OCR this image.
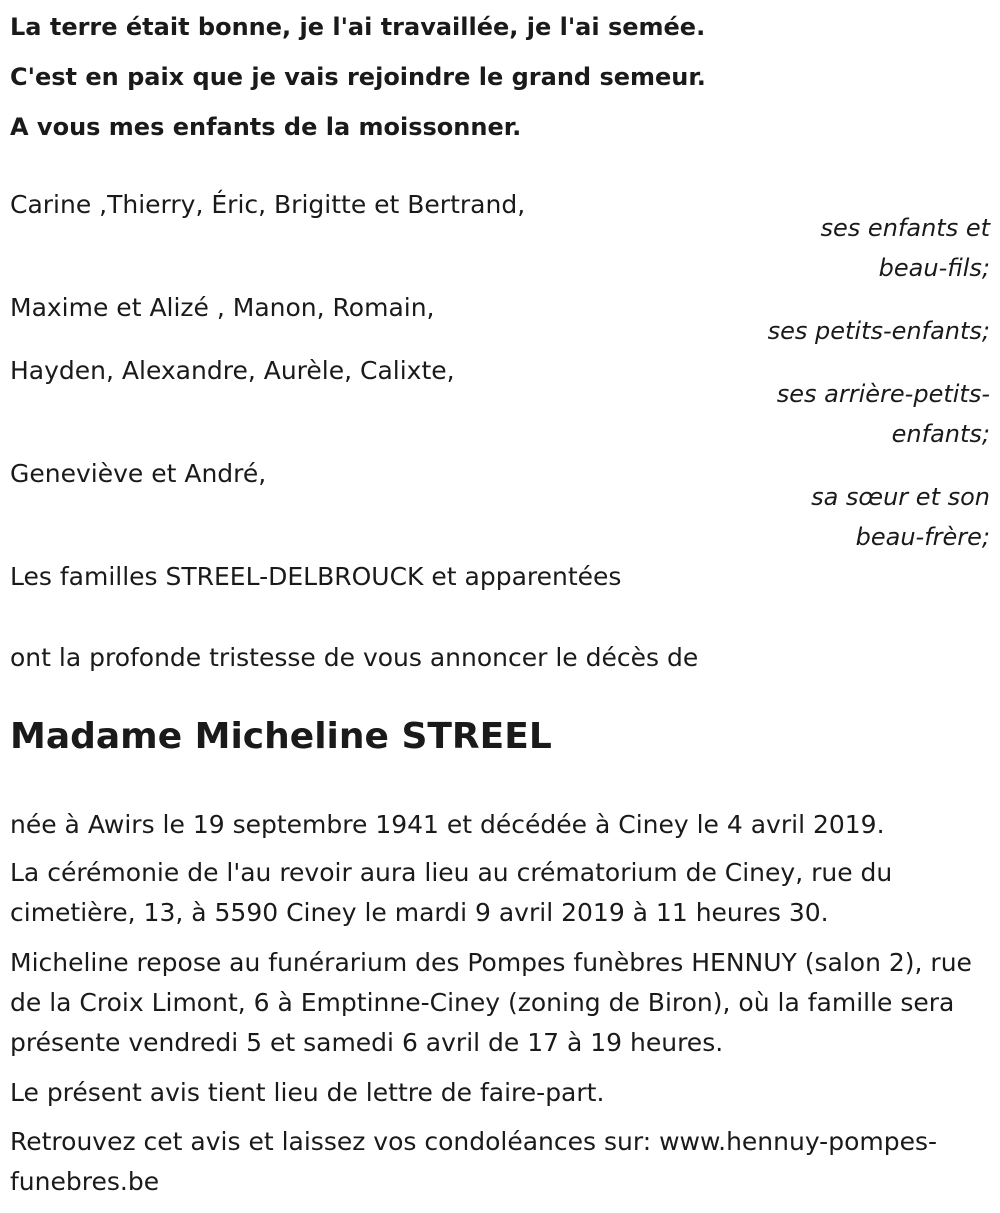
La terre était bonne, je l'ai travaillée, je l'ai semée.
C'est en paix que je vais rejoindre le grand semeur.
A vous mes enfants de la moissonner.
Carine ,Thierry, Éric, Brigitte et Bertrand,
ses enfants et
beau-fils;
Maxime et Alizé , Manon, Romain,
ses petits-enfants;
Hayden, Alexandre, Aurèle, Calixte,
ses arrière-petits-
enfants;
Geneviève et André,
sa sœur et son
beau-frère;
Les familles STREEL-DELBROUCK et apparentées
ont la profonde tristesse de vous annoncer le décès de
Madame Micheline STREEL
née à Awirs le 19 septembre 1941 et décédée à Ciney le 4 avril 2019.
La cérémonie de l'au revoir aura lieu au crématorium de Ciney, rue du cimetière, 13, à 5590 Ciney le mardi 9 avril 2019 à 11 heures 30.
Micheline repose au funérarium des Pompes funèbres HENNUY (salon 2), rue de la Croix Limont, 6 à Emptinne-Ciney (zoning de Biron), où la famille sera présente vendredi 5 et samedi 6 avril de 17 à 19 heures.
Le présent avis tient lieu de lettre de faire-part.
Retrouvez cet avis et laissez vos condoléances sur: www.hennuy-pompes-funebres.be
